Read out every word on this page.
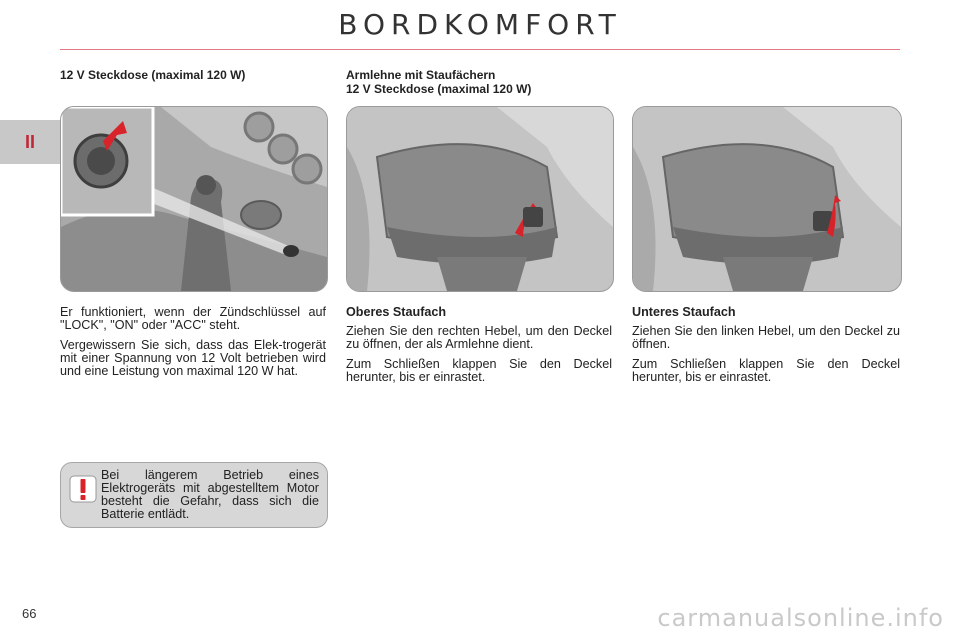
BORDKOMFORT
II
12 V Steckdose (maximal 120 W)

Er funktioniert, wenn der Zündschlüssel auf "LOCK", "ON" oder "ACC" steht.

Vergewissern Sie sich, dass das Elek-trogerät mit einer Spannung von 12 Volt betrieben wird und eine Leistung von maximal 120 W hat.

Bei längerem Betrieb eines Elektrogeräts mit abgestelltem Motor besteht die Gefahr, dass sich die Batterie entlädt.
Armlehne mit Staufächern
12 V Steckdose (maximal 120 W)

Oberes Staufach

Ziehen Sie den rechten Hebel, um den Deckel zu öffnen, der als Armlehne dient.

Zum Schließen klappen Sie den Deckel herunter, bis er einrastet.

Unteres Staufach

Ziehen Sie den linken Hebel, um den Deckel zu öffnen.

Zum Schließen klappen Sie den Deckel herunter, bis er einrastet.

66	carmanualsonline.info
